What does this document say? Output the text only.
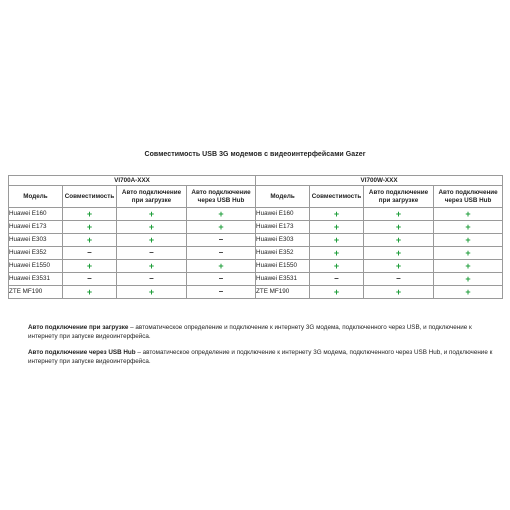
Совместимость USB 3G модемов с видеоинтерфейсами Gazer
VI700A-XXX				VI700W-XXX			
Модель	Совместимость	Авто подключение при загрузке	Авто подключение через USB Hub	Модель	Совместимость	Авто подключение при загрузке	Авто подключение через USB Hub
Huawei E160	+	+	+	Huawei E160	+	+	+
Huawei E173	+	+	+	Huawei E173	+	+	+
Huawei E303	+	+	–	Huawei E303	+	+	+
Huawei E352	–	–	–	Huawei E352	+	+	+
Huawei E1550	+	+	+	Huawei E1550	+	+	+
Huawei E3531	–	–	–	Huawei E3531	–	–	+
ZTE MF190	+	+	–	ZTE MF190	+	+	+
Авто подключение при загрузке – автоматическое определение и подключение к интернету 3G модема, подключенного через USB, и подключение к интернету при запуске видеоинтерфейса.
Авто подключение через USB Hub – автоматическое определение и подключение к интернету 3G модема, подключенного через USB Hub, и подключение к интернету при запуске видеоинтерфейса.
